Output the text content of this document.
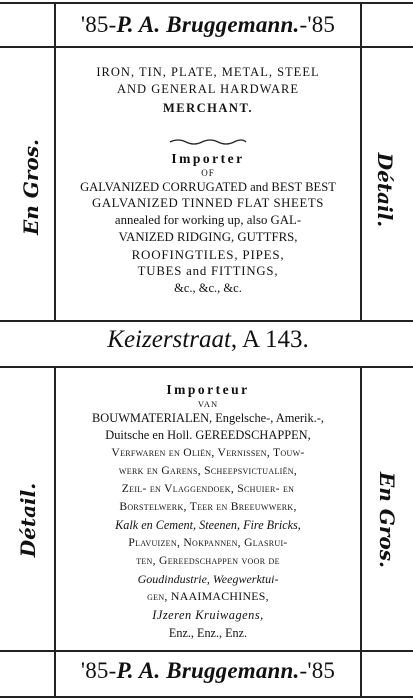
'85-P. A. Bruggemann.-'85
En Gros.	Détail.
IRON, TIN, PLATE, METAL, STEEL
AND GENERAL HARDWARE
MERCHANT.
Importer
OF
GALVANIZED CORRUGATED and BEST BEST
GALVANIZED TINNED FLAT SHEETS
annealed for working up, also GAL-
VANIZED RIDGING, GUTTFRS,
ROOFINGTILES, PIPES,
TUBES and FITTINGS,
&c., &c., &c.
Keizerstraat, A 143.
Détail.	En Gros.
Importeur
VAN
BOUWMATERIALEN, Engelsche-, Amerik.-,
Duitsche en Holl. GEREEDSCHAPPEN,
Verfwaren en Oliën, Vernissen, Touw-
werk en Garens, Scheepsvictualiën,
Zeil- en Vlaggendoek, Schuier- en
Borstelwerk, Teer en Breeuwwerk,
Kalk en Cement, Steenen, Fire Bricks,
Plavuizen, Nokpannen, Glasrui-
ten, Gereedschappen voor de
Goudindustrie, Weegwerktui-
gen, NAAIMACHINES,
IJzeren Kruiwagens,
Enz., Enz., Enz.
'85-P. A. Bruggemann.-'85
